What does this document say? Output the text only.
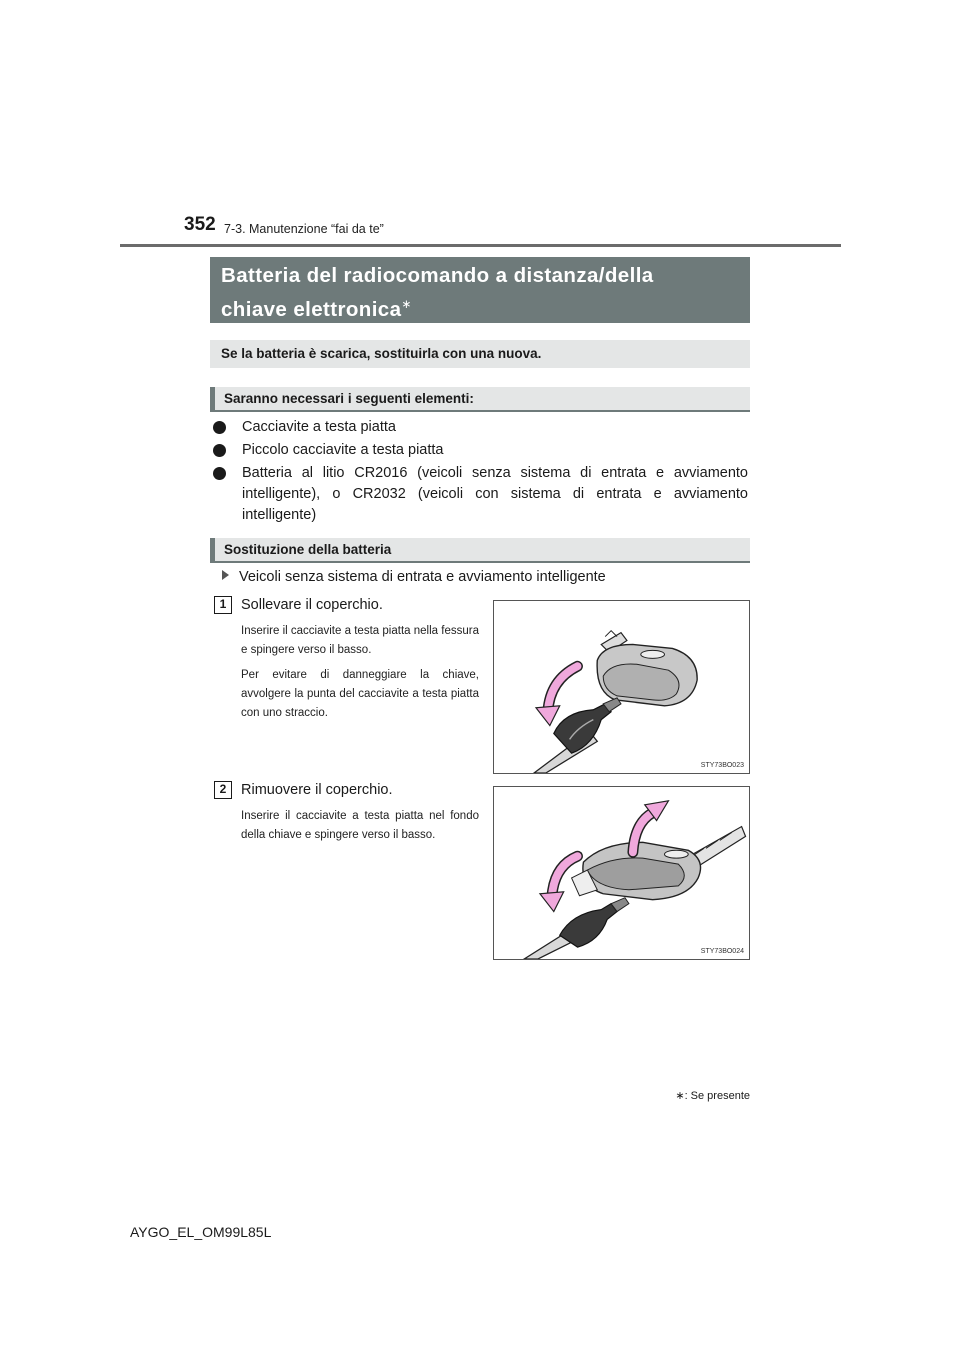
352 7-3. Manutenzione “fai da te”
Batteria del radiocomando a distanza/della
chiave elettronica∗
Se la batteria è scarica, sostituirla con una nuova.
Saranno necessari i seguenti elementi:
Cacciavite a testa piatta
Piccolo cacciavite a testa piatta
Batteria al litio CR2016 (veicoli senza sistema di entrata e avviamento intelligente), o CR2032 (veicoli con sistema di entrata e avviamento intelligente)
Sostituzione della batteria
Veicoli senza sistema di entrata e avviamento intelligente
1	Sollevare il coperchio.

Inserire il cacciavite a testa piatta nella fessura e spingere verso il basso.

Per evitare di danneggiare la chiave, avvolgere la punta del cacciavite a testa piatta con uno straccio.

STY73BO023
2	Rimuovere il coperchio.

Inserire il cacciavite a testa piatta nel fondo della chiave e spingere verso il basso.

STY73BO024
∗: Se presente
AYGO_EL_OM99L85L
